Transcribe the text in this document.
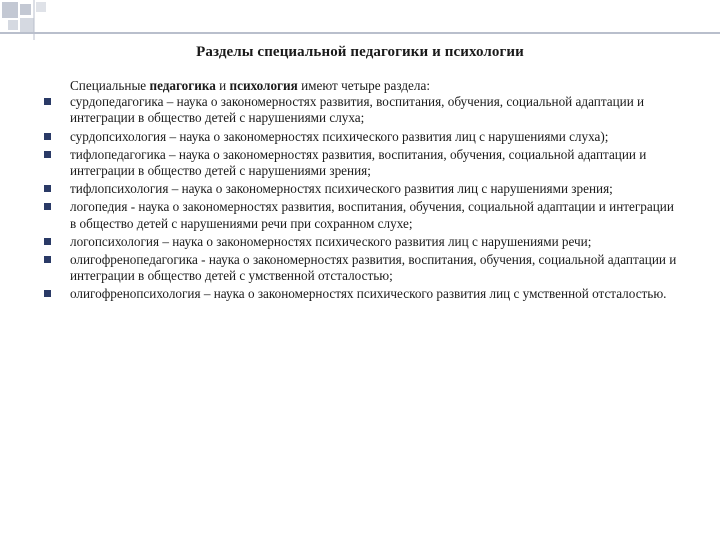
Разделы специальной педагогики и психологии

Специальные педагогика и психология имеют четыре раздела:

сурдопедагогика – наука о закономерностях развития, воспитания, обучения, социальной адаптации и интеграции в общество детей с нарушениями слуха;
сурдопсихология – наука о закономерностях психического развития лиц с нарушениями слуха);
тифлопедагогика – наука о закономерностях развития, воспитания, обучения, социальной адаптации и интеграции в общество детей с нарушениями зрения;
тифлопсихология – наука о закономерностях психического развития лиц с нарушениями зрения;
логопедия - наука о закономерностях развития, воспитания, обучения, социальной адаптации и интеграции в общество детей с нарушениями речи при сохранном слухе;
логопсихология – наука о закономерностях психического развития лиц с нарушениями речи;
олигофренопедагогика - наука о закономерностях развития, воспитания, обучения, социальной адаптации и интеграции в общество детей с умственной отсталостью;
олигофренопсихология – наука о закономерностях психического развития лиц с умственной отсталостью.
